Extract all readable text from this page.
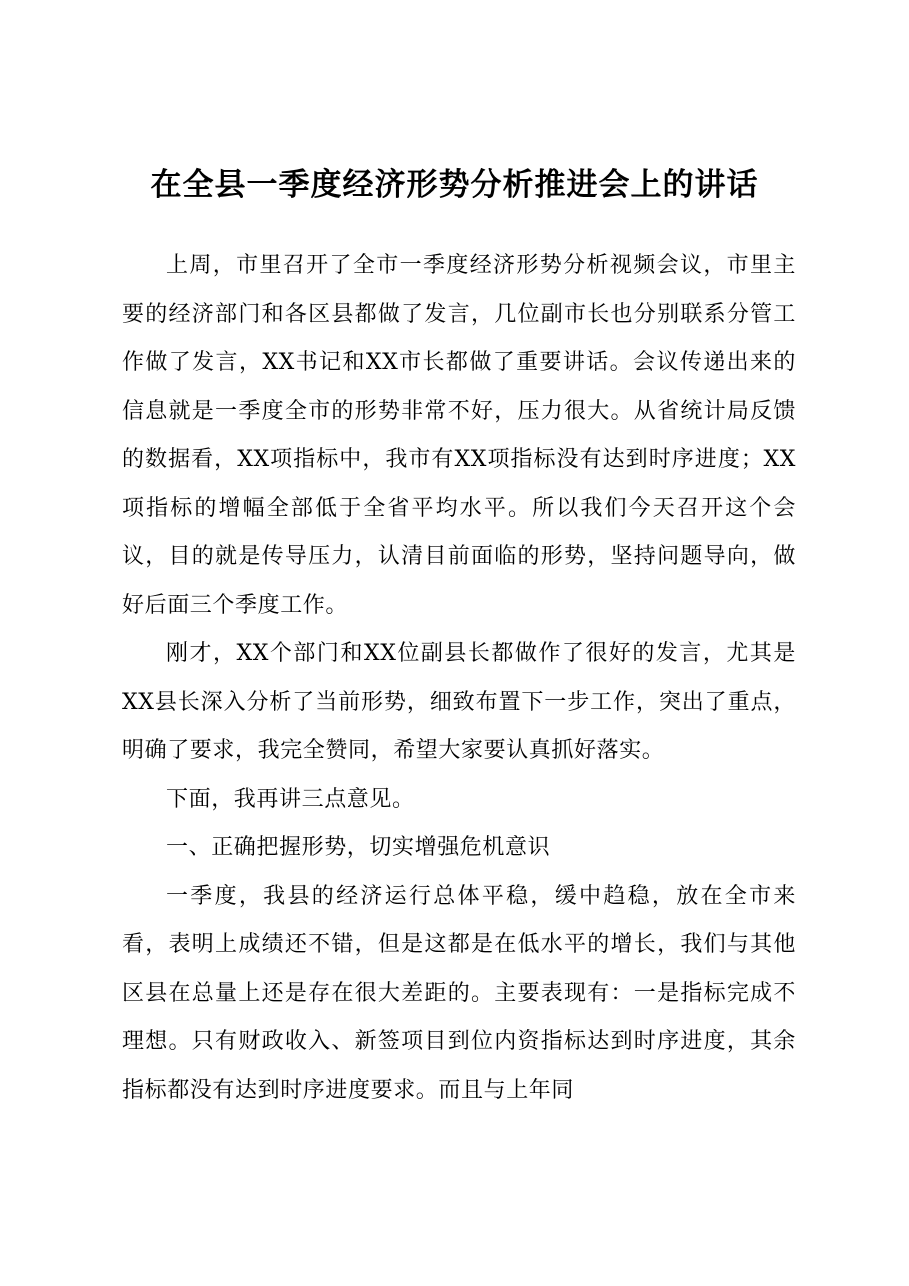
在全县一季度经济形势分析推进会上的讲话

上周，市里召开了全市一季度经济形势分析视频会议，市里主要的经济部门和各区县都做了发言，几位副市长也分别联系分管工作做了发言，XX书记和XX市长都做了重要讲话。会议传递出来的信息就是一季度全市的形势非常不好，压力很大。从省统计局反馈的数据看，XX项指标中，我市有XX项指标没有达到时序进度；XX项指标的增幅全部低于全省平均水平。所以我们今天召开这个会议，目的就是传导压力，认清目前面临的形势，坚持问题导向，做好后面三个季度工作。

刚才，XX个部门和XX位副县长都做作了很好的发言，尤其是XX县长深入分析了当前形势，细致布置下一步工作，突出了重点，明确了要求，我完全赞同，希望大家要认真抓好落实。

下面，我再讲三点意见。

一、正确把握形势，切实增强危机意识

一季度，我县的经济运行总体平稳，缓中趋稳，放在全市来看，表明上成绩还不错，但是这都是在低水平的增长，我们与其他区县在总量上还是存在很大差距的。主要表现有：一是指标完成不理想。只有财政收入、新签项目到位内资指标达到时序进度，其余指标都没有达到时序进度要求。而且与上年同
